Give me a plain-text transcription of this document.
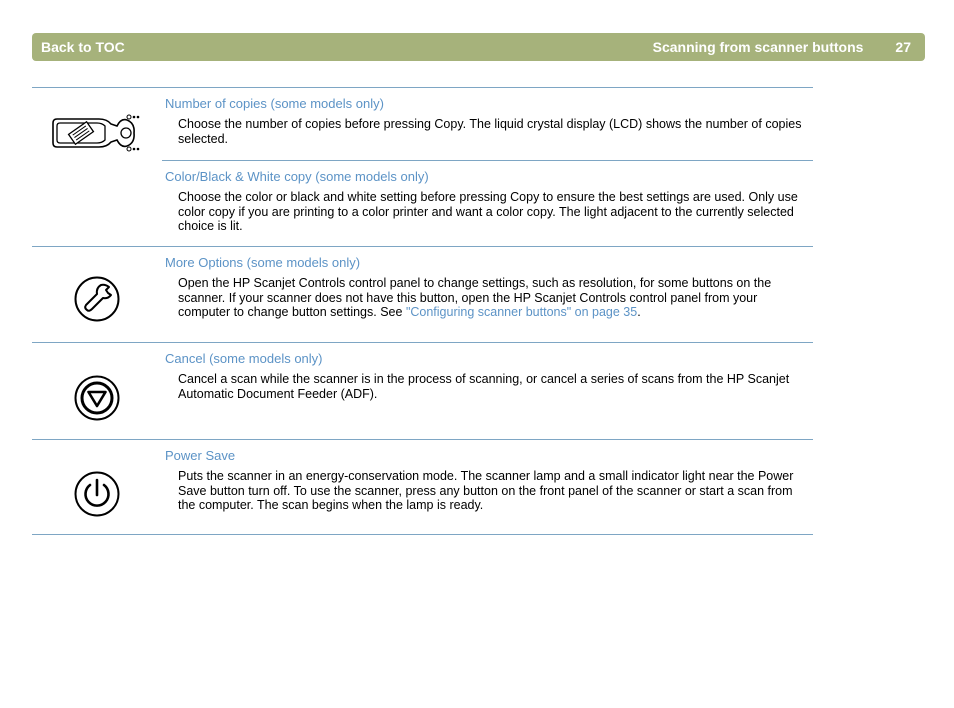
Back to TOC	Scanning from scanner buttons 27

Number of copies (some models only)

Choose the number of copies before pressing Copy. The liquid crystal display (LCD) shows the number of copies selected.

Color/Black & White copy (some models only)

Choose the color or black and white setting before pressing Copy to ensure the best settings are used. Only use color copy if you are printing to a color printer and want a color copy. The light adjacent to the currently selected choice is lit.

More Options (some models only)

Open the HP Scanjet Controls control panel to change settings, such as resolution, for some buttons on the scanner. If your scanner does not have this button, open the HP Scanjet Controls control panel from your computer to change button settings. See "Configuring scanner buttons" on page 35.

Cancel (some models only)

Cancel a scan while the scanner is in the process of scanning, or cancel a series of scans from the HP Scanjet Automatic Document Feeder (ADF).

Power Save

Puts the scanner in an energy-conservation mode. The scanner lamp and a small indicator light near the Power Save button turn off. To use the scanner, press any button on the front panel of the scanner or start a scan from the computer. The scan begins when the lamp is ready.
